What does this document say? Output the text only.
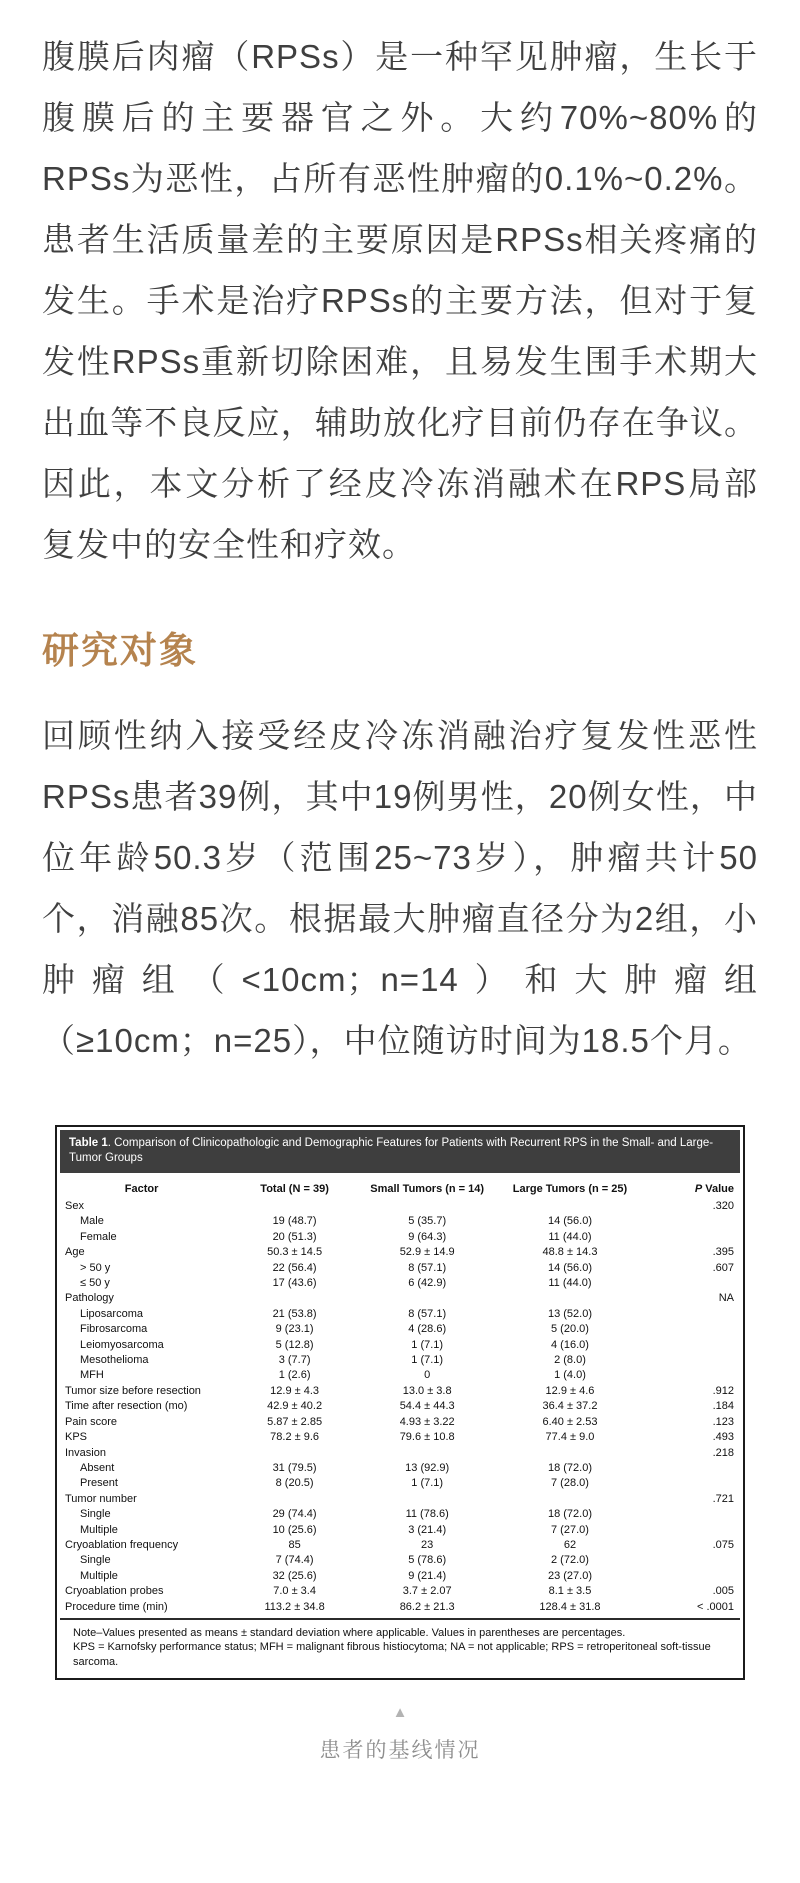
腹膜后肉瘤（RPSs）是一种罕见肿瘤，生长于腹膜后的主要器官之外。大约70%~80%的RPSs为恶性，占所有恶性肿瘤的0.1%~0.2%。患者生活质量差的主要原因是RPSs相关疼痛的发生。手术是治疗RPSs的主要方法，但对于复发性RPSs重新切除困难，且易发生围手术期大出血等不良反应，辅助放化疗目前仍存在争议。因此，本文分析了经皮冷冻消融术在RPS局部复发中的安全性和疗效。

研究对象

回顾性纳入接受经皮冷冻消融治疗复发性恶性RPSs患者39例，其中19例男性，20例女性，中位年龄50.3岁（范围25~73岁），肿瘤共计50个，消融85次。根据最大肿瘤直径分为2组，小肿瘤组（<10cm；n=14）和大肿瘤组（≥10cm；n=25），中位随访时间为18.5个月。

Table 1. Comparison of Clinicopathologic and Demographic Features for Patients with Recurrent RPS in the Small- and Large-Tumor Groups
Factor	Total (N = 39)	Small Tumors (n = 14)	Large Tumors (n = 25)	P Value
Sex				.320
Male	19 (48.7)	5 (35.7)	14 (56.0)	
Female	20 (51.3)	9 (64.3)	11 (44.0)	
Age	50.3 ± 14.5	52.9 ± 14.9	48.8 ± 14.3	.395
> 50 y	22 (56.4)	8 (57.1)	14 (56.0)	.607
≤ 50 y	17 (43.6)	6 (42.9)	11 (44.0)	
Pathology				NA
Liposarcoma	21 (53.8)	8 (57.1)	13 (52.0)	
Fibrosarcoma	9 (23.1)	4 (28.6)	5 (20.0)	
Leiomyosarcoma	5 (12.8)	1 (7.1)	4 (16.0)	
Mesothelioma	3 (7.7)	1 (7.1)	2 (8.0)	
MFH	1 (2.6)	0	1 (4.0)	
Tumor size before resection	12.9 ± 4.3	13.0 ± 3.8	12.9 ± 4.6	.912
Time after resection (mo)	42.9 ± 40.2	54.4 ± 44.3	36.4 ± 37.2	.184
Pain score	5.87 ± 2.85	4.93 ± 3.22	6.40 ± 2.53	.123
KPS	78.2 ± 9.6	79.6 ± 10.8	77.4 ± 9.0	.493
Invasion				.218
Absent	31 (79.5)	13 (92.9)	18 (72.0)	
Present	8 (20.5)	1 (7.1)	7 (28.0)	
Tumor number				.721
Single	29 (74.4)	11 (78.6)	18 (72.0)	
Multiple	10 (25.6)	3 (21.4)	7 (27.0)	
Cryoablation frequency	85	23	62	.075
Single	7 (74.4)	5 (78.6)	2 (72.0)	
Multiple	32 (25.6)	9 (21.4)	23 (27.0)	
Cryoablation probes	7.0 ± 3.4	3.7 ± 2.07	8.1 ± 3.5	.005
Procedure time (min)	113.2 ± 34.8	86.2 ± 21.3	128.4 ± 31.8	< .0001

Note–Values presented as means ± standard deviation where applicable. Values in parentheses are percentages.

KPS = Karnofsky performance status; MFH = malignant fibrous histiocytoma; NA = not applicable; RPS = retroperitoneal soft-tissue sarcoma.

▲
患者的基线情况
